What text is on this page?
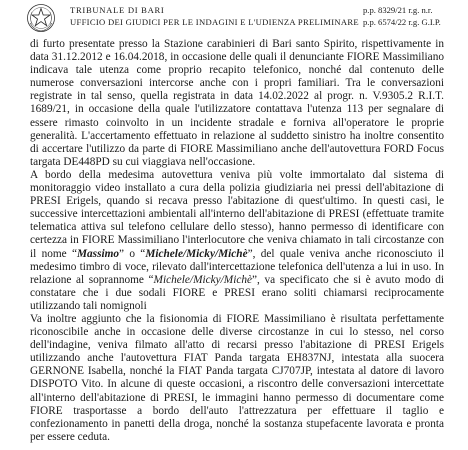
TRIBUNALE DI BARI
UFFICIO DEI GIUDICI PER LE INDAGINI E L'UDIENZA PRELIMINARE
p.p. 8329/21 r.g. n.r.
p.p. 6574/22 r.g. G.I.P.

di furto presentate presso la Stazione carabinieri di Bari santo Spirito, rispettivamente in data 31.12.2012 e 16.04.2018, in occasione delle quali il denunciante FIORE Massimiliano indicava tale utenza come proprio recapito telefonico, nonché dal contenuto delle numerose conversazioni intercorse anche con i propri familiari. Tra le conversazioni registrate in tal senso, quella registrata in data 14.02.2022 al progr. n. V.9305.2 R.I.T. 1689/21, in occasione della quale l'utilizzatore contattava l'utenza 113 per segnalare di essere rimasto coinvolto in un incidente stradale e forniva all'operatore le proprie generalità. L'accertamento effettuato in relazione al suddetto sinistro ha inoltre consentito di accertare l'utilizzo da parte di FIORE Massimiliano anche dell'autovettura FORD Focus targata DE448PD su cui viaggiava nell'occasione.

A bordo della medesima autovettura veniva più volte immortalato dal sistema di monitoraggio video installato a cura della polizia giudiziaria nei pressi dell'abitazione di PRESI Erigels, quando si recava presso l'abitazione di quest'ultimo. In questi casi, le successive intercettazioni ambientali all'interno dell'abitazione di PRESI (effettuate tramite telematica attiva sul telefono cellulare dello stesso), hanno permesso di identificare con certezza in FIORE Massimiliano l'interlocutore che veniva chiamato in tali circostanze con il nome “Massimo” o “Michele/Micky/Michè”, del quale veniva anche riconosciuto il medesimo timbro di voce, rilevato dall'intercettazione telefonica dell'utenza a lui in uso. In relazione al soprannome “Michele/Micky/Michè”, va specificato che si è avuto modo di constatare che i due sodali FIORE e PRESI erano soliti chiamarsi reciprocamente utilizzando tali nomignoli

Va inoltre aggiunto che la fisionomia di FIORE Massimiliano è risultata perfettamente riconoscibile anche in occasione delle diverse circostanze in cui lo stesso, nel corso dell'indagine, veniva filmato all'atto di recarsi presso l'abitazione di PRESI Erigels utilizzando anche l'autovettura FIAT Panda targata EH837NJ, intestata alla suocera GERNONE Isabella, nonché la FIAT Panda targata CJ707JP, intestata al datore di lavoro DISPOTO Vito. In alcune di queste occasioni, a riscontro delle conversazioni intercettate all'interno dell'abitazione di PRESI, le immagini hanno permesso di documentare come FIORE trasportasse a bordo dell'auto l'attrezzatura per effettuare il taglio e confezionamento in panetti della droga, nonché la sostanza stupefacente lavorata e pronta per essere ceduta.
